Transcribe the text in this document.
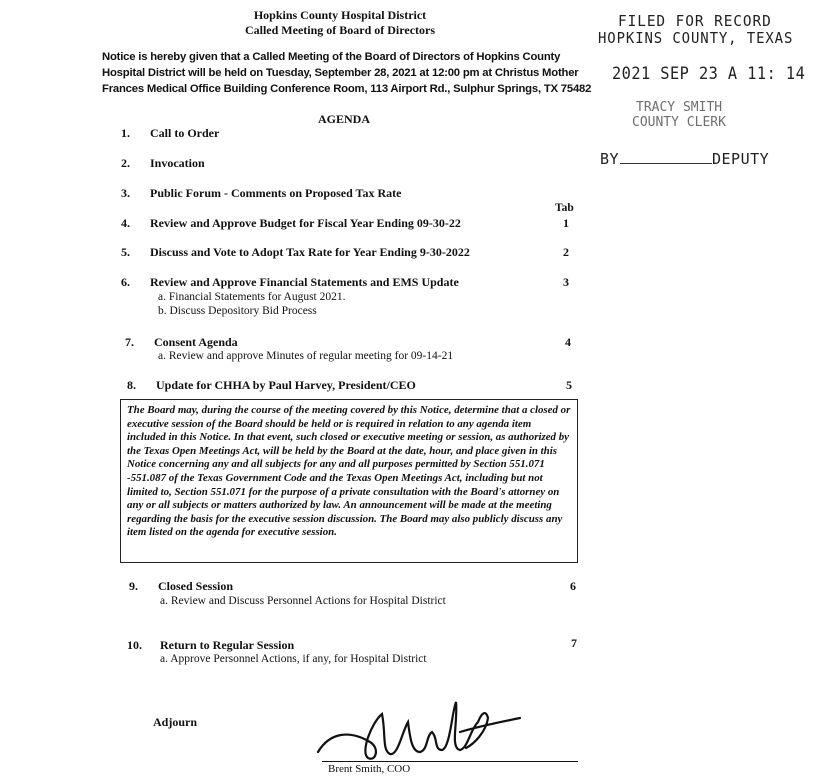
Hopkins County Hospital District
Called Meeting of Board of Directors
Notice is hereby given that a Called Meeting of the Board of Directors of Hopkins County Hospital District will be held on Tuesday, September 28, 2021 at 12:00 pm at Christus Mother Frances Medical Office Building Conference Room, 113 Airport Rd., Sulphur Springs, TX 75482
FILED FOR RECORD
HOPKINS COUNTY, TEXAS
2021 SEP 23 A 11: 14
TRACY SMITH
COUNTY CLERK
BY	DEPUTY
AGENDA
Tab
1. Call to Order
2. Invocation
3. Public Forum - Comments on Proposed Tax Rate
4. Review and Approve Budget for Fiscal Year Ending 09-30-22	1
5. Discuss and Vote to Adopt Tax Rate for Year Ending 9-30-2022	2
6. Review and Approve Financial Statements and EMS Update	3
a. Financial Statements for August 2021.
b. Discuss Depository Bid Process
7. Consent Agenda	4
a. Review and approve Minutes of regular meeting for 09-14-21
8. Update for CHHA by Paul Harvey, President/CEO	5
The Board may, during the course of the meeting covered by this Notice, determine that a closed or executive session of the Board should be held or is required in relation to any agenda item included in this Notice. In that event, such closed or executive meeting or session, as authorized by the Texas Open Meetings Act, will be held by the Board at the date, hour, and place given in this Notice concerning any and all subjects for any and all purposes permitted by Section 551.071 -551.087 of the Texas Government Code and the Texas Open Meetings Act, including but not limited to, Section 551.071 for the purpose of a private consultation with the Board's attorney on any or all subjects or matters authorized by law. An announcement will be made at the meeting regarding the basis for the executive session discussion. The Board may also publicly discuss any item listed on the agenda for executive session.
9. Closed Session	6
a. Review and Discuss Personnel Actions for Hospital District
10. Return to Regular Session	7
a. Approve Personnel Actions, if any, for Hospital District
Adjourn
Brent Smith, COO
